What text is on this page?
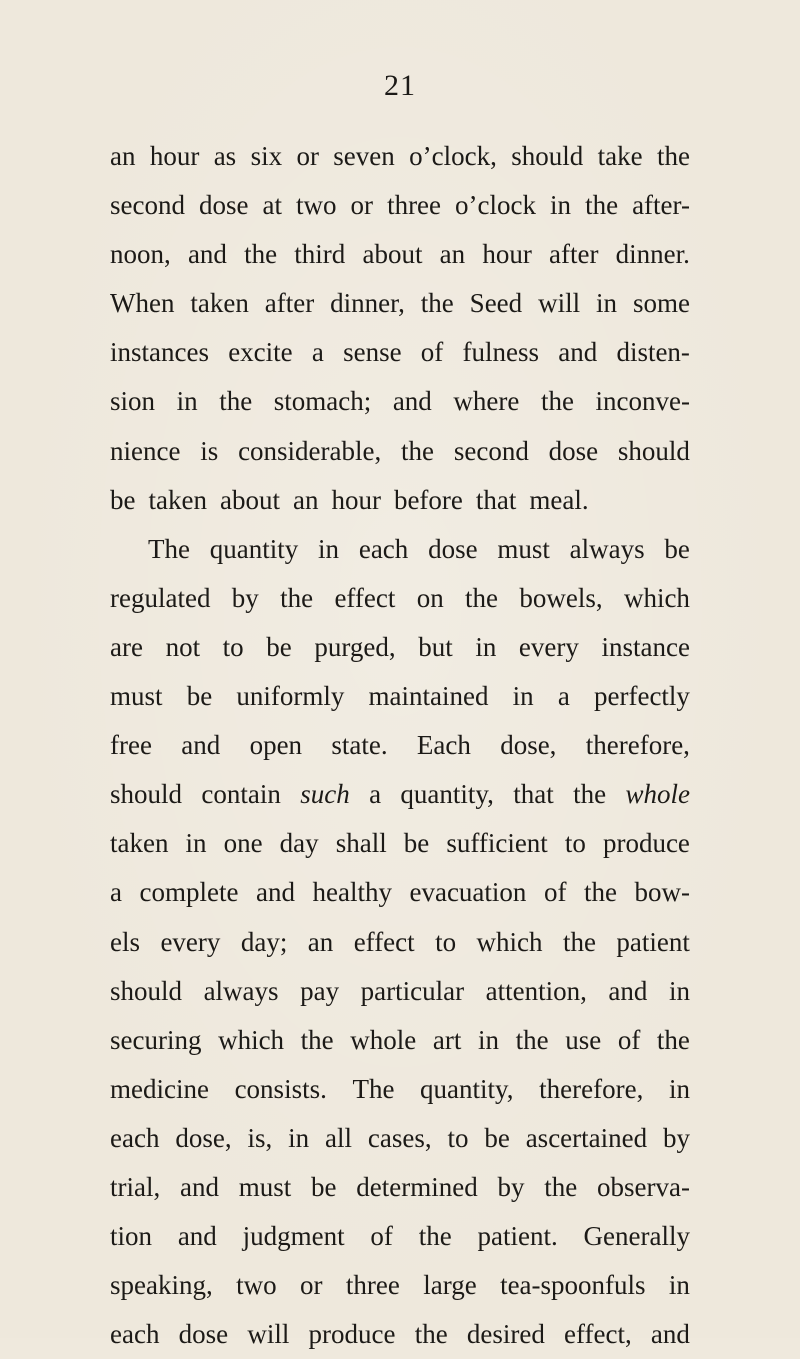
21
an hour as six or seven o’clock, should take the
second dose at two or three o’clock in the after-
noon, and the third about an hour after dinner.
When taken after dinner, the Seed will in some
instances excite a sense of fulness and disten-
sion in the stomach; and where the inconve-
nience is considerable, the second dose should
be taken about an hour before that meal.
The quantity in each dose must always be
regulated by the effect on the bowels, which
are not to be purged, but in every instance
must be uniformly maintained in a perfectly
free and open state. Each dose, therefore,
should contain such a quantity, that the whole
taken in one day shall be sufficient to produce
a complete and healthy evacuation of the bow-
els every day; an effect to which the patient
should always pay particular attention, and in
securing which the whole art in the use of the
medicine consists. The quantity, therefore, in
each dose, is, in all cases, to be ascertained by
trial, and must be determined by the observa-
tion and judgment of the patient. Generally
speaking, two or three large tea-spoonfuls in
each dose will produce the desired effect, and
